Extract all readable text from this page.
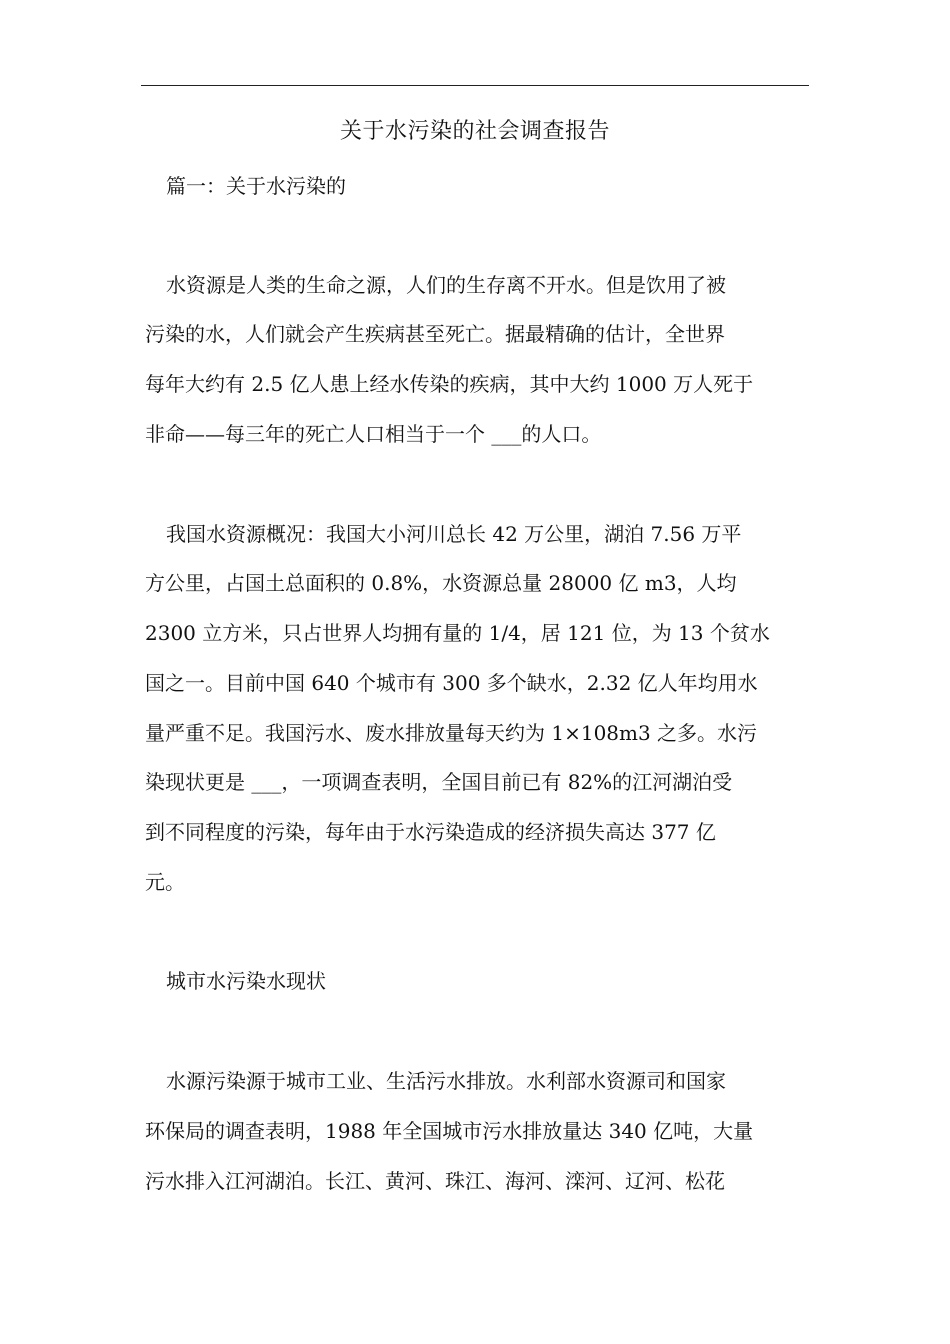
关于水污染的社会调查报告
篇一：关于水污染的
水资源是人类的生命之源，人们的生存离不开水。但是饮用了被
污染的水，人们就会产生疾病甚至死亡。据最精确的估计，全世界
每年大约有 2.5 亿人患上经水传染的疾病，其中大约 1000 万人死于
非命——每三年的死亡人口相当于一个 ___的人口。
我国水资源概况：我国大小河川总长 42 万公里，湖泊 7.56 万平
方公里，占国土总面积的 0.8%，水资源总量 28000 亿 m3，人均
2300 立方米，只占世界人均拥有量的 1/4，居 121 位，为 13 个贫水
国之一。目前中国 640 个城市有 300 多个缺水，2.32 亿人年均用水
量严重不足。我国污水、废水排放量每天约为 1×108m3 之多。水污
染现状更是 ___，一项调查表明，全国目前已有 82%的江河湖泊受
到不同程度的污染，每年由于水污染造成的经济损失高达 377 亿
元。
城市水污染水现状
水源污染源于城市工业、生活污水排放。水利部水资源司和国家
环保局的调查表明，1988 年全国城市污水排放量达 340 亿吨，大量
污水排入江河湖泊。长江、黄河、珠江、海河、滦河、辽河、松花
